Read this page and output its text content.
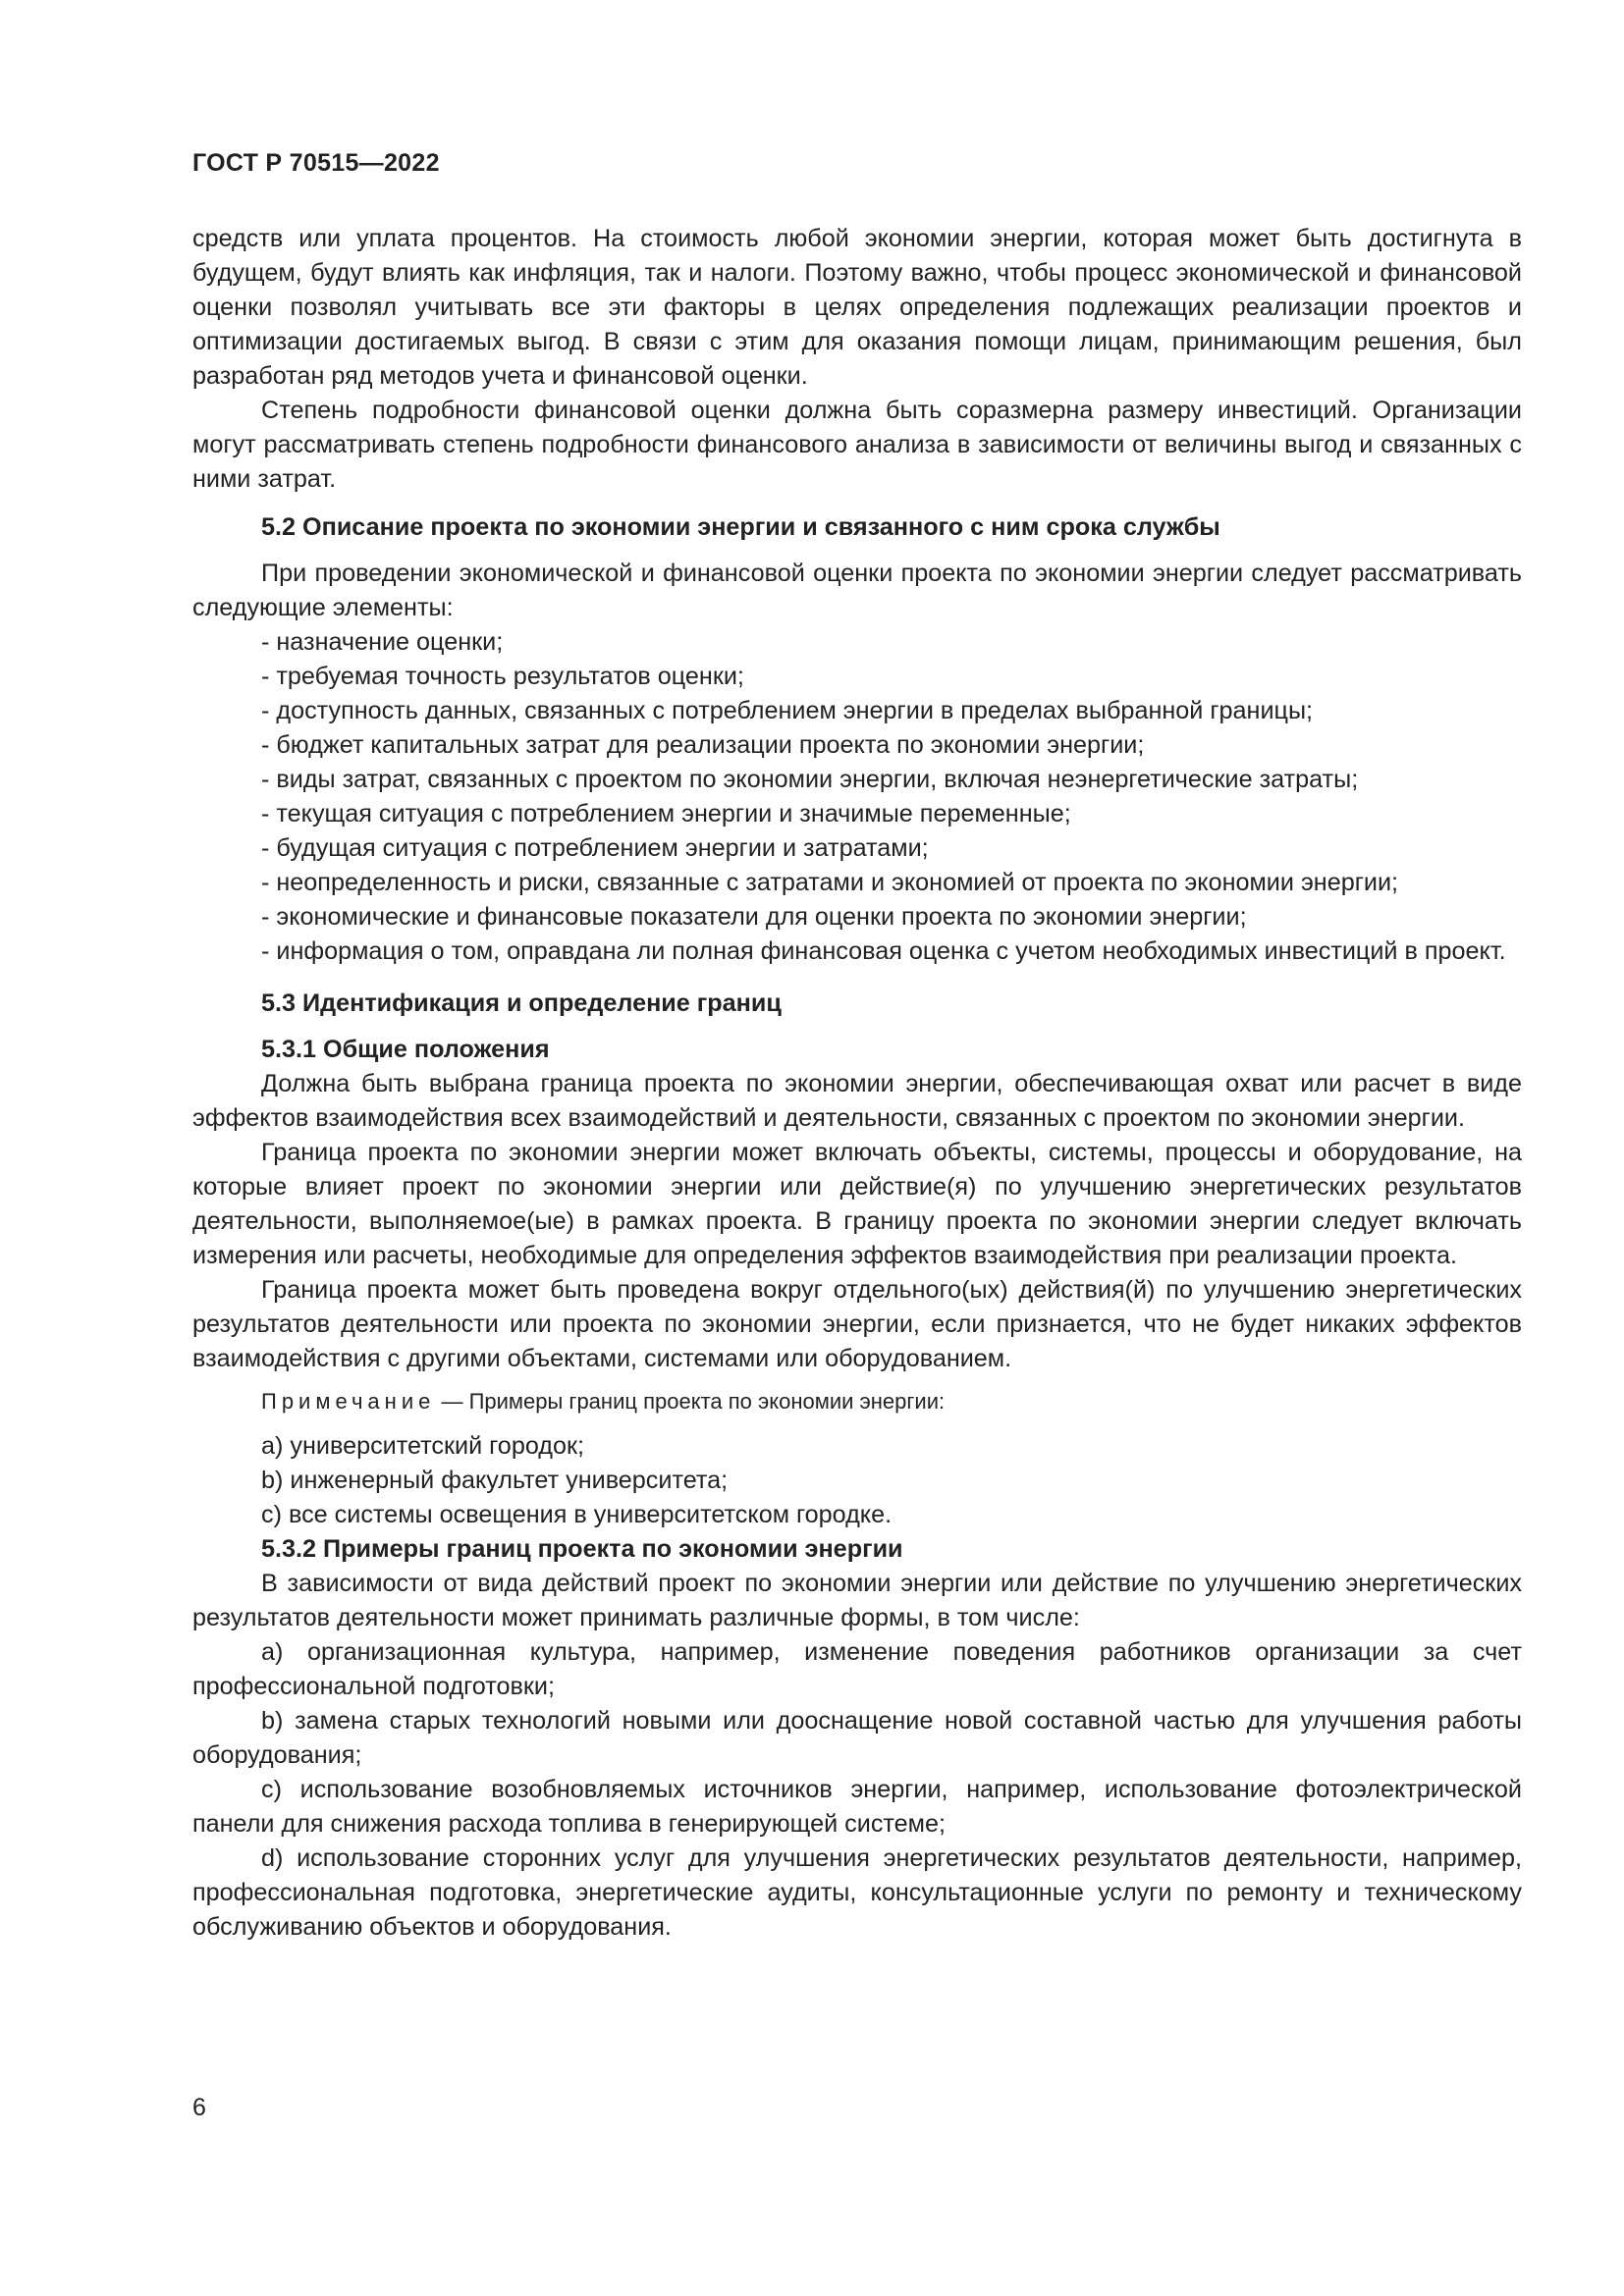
ГОСТ Р 70515—2022

средств или уплата процентов. На стоимость любой экономии энергии, которая может быть достигнута в будущем, будут влиять как инфляция, так и налоги. Поэтому важно, чтобы процесс экономической и финансовой оценки позволял учитывать все эти факторы в целях определения подлежащих реализации проектов и оптимизации достигаемых выгод. В связи с этим для оказания помощи лицам, принимающим решения, был разработан ряд методов учета и финансовой оценки.

Степень подробности финансовой оценки должна быть соразмерна размеру инвестиций. Организации могут рассматривать степень подробности финансового анализа в зависимости от величины выгод и связанных с ними затрат.

5.2 Описание проекта по экономии энергии и связанного с ним срока службы

При проведении экономической и финансовой оценки проекта по экономии энергии следует рассматривать следующие элементы:

- назначение оценки;

- требуемая точность результатов оценки;

- доступность данных, связанных с потреблением энергии в пределах выбранной границы;

- бюджет капитальных затрат для реализации проекта по экономии энергии;

- виды затрат, связанных с проектом по экономии энергии, включая неэнергетические затраты;

- текущая ситуация с потреблением энергии и значимые переменные;

- будущая ситуация с потреблением энергии и затратами;

- неопределенность и риски, связанные с затратами и экономией от проекта по экономии энергии;

- экономические и финансовые показатели для оценки проекта по экономии энергии;

- информация о том, оправдана ли полная финансовая оценка с учетом необходимых инвестиций в проект.

5.3 Идентификация и определение границ
5.3.1 Общие положения

Должна быть выбрана граница проекта по экономии энергии, обеспечивающая охват или расчет в виде эффектов взаимодействия всех взаимодействий и деятельности, связанных с проектом по экономии энергии.

Граница проекта по экономии энергии может включать объекты, системы, процессы и оборудование, на которые влияет проект по экономии энергии или действие(я) по улучшению энергетических результатов деятельности, выполняемое(ые) в рамках проекта. В границу проекта по экономии энергии следует включать измерения или расчеты, необходимые для определения эффектов взаимодействия при реализации проекта.

Граница проекта может быть проведена вокруг отдельного(ых) действия(й) по улучшению энергетических результатов деятельности или проекта по экономии энергии, если признается, что не будет никаких эффектов взаимодействия с другими объектами, системами или оборудованием.

Примечание — Примеры границ проекта по экономии энергии:

a) университетский городок;

b) инженерный факультет университета;

c) все системы освещения в университетском городке.

5.3.2 Примеры границ проекта по экономии энергии

В зависимости от вида действий проект по экономии энергии или действие по улучшению энергетических результатов деятельности может принимать различные формы, в том числе:

a) организационная культура, например, изменение поведения работников организации за счет профессиональной подготовки;

b) замена старых технологий новыми или дооснащение новой составной частью для улучшения работы оборудования;

c) использование возобновляемых источников энергии, например, использование фотоэлектрической панели для снижения расхода топлива в генерирующей системе;

d) использование сторонних услуг для улучшения энергетических результатов деятельности, например, профессиональная подготовка, энергетические аудиты, консультационные услуги по ремонту и техническому обслуживанию объектов и оборудования.

6
